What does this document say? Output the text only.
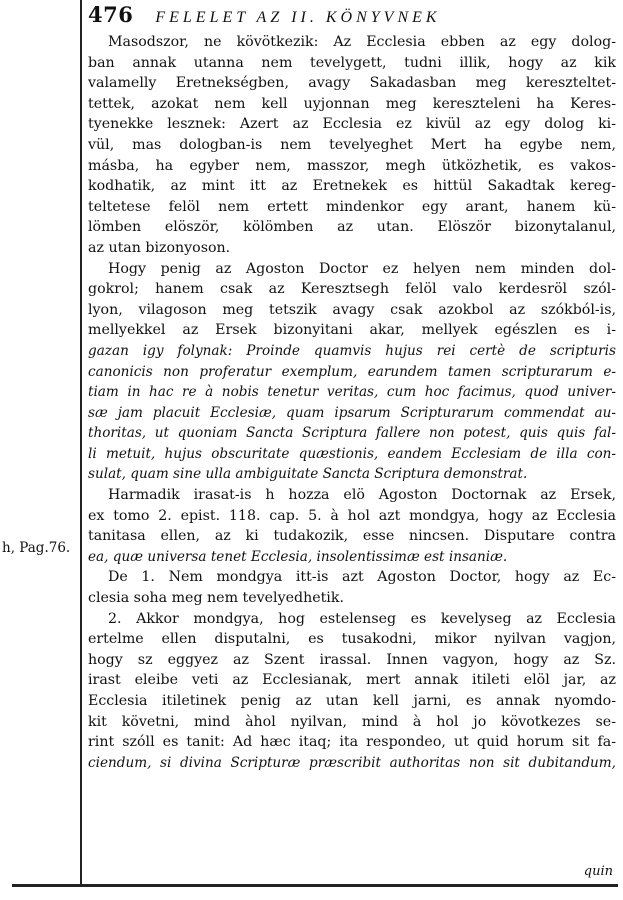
476 FELELET AZ II. KÖNYVNEK
h, Pag.76.
Masodszor, ne kövötkezik: Az Ecclesia ebben az egy dolog-
ban annak utanna nem tevelygett, tudni illik, hogy az kik
valamelly Eretnekségben, avagy Sakadasban meg kereszteltet-
tettek, azokat nem kell uyjonnan meg kereszteleni ha Keres-
tyenekke lesznek: Azert az Ecclesia ez kivül az egy dolog ki-
vül, mas dologban-is nem tevelyeghet Mert ha egybe nem,
másba, ha egyber nem, masszor, megh ütközhetik, es vakos-
kodhatik, az mint itt az Eretnekek es hittül Sakadtak kereg-
teltetese felöl nem ertett mindenkor egy arant, hanem kü-
lömben elöször, kölömben az utan. Elöször bizonytalanul,
az utan bizonyoson.
Hogy penig az Agoston Doctor ez helyen nem minden dol-
gokrol; hanem csak az Keresztsegh felöl valo kerdesröl szól-
lyon, vilagoson meg tetszik avagy csak azokbol az szókból-is,
mellyekkel az Ersek bizonyitani akar, mellyek egészlen es i-
gazan igy folynak: Proinde quamvis hujus rei certè de scripturis
canonicis non proferatur exemplum, earundem tamen scripturarum e-
tiam in hac re à nobis tenetur veritas, cum hoc facimus, quod univer-
sæ jam placuit Ecclesiæ, quam ipsarum Scripturarum commendat au-
thoritas, ut quoniam Sancta Scriptura fallere non potest, quis quis fal-
li metuit, hujus obscuritate quæstionis, eandem Ecclesiam de illa con-
sulat, quam sine ulla ambiguitate Sancta Scriptura demonstrat.
Harmadik irasat-is h hozza elö Agoston Doctornak az Ersek,
ex tomo 2. epist. 118. cap. 5. à hol azt mondgya, hogy az Ecclesia
tanitasa ellen, az ki tudakozik, esse nincsen. Disputare contra
ea, quæ universa tenet Ecclesia, insolentissimæ est insaniæ.
De 1. Nem mondgya itt-is azt Agoston Doctor, hogy az Ec-
clesia soha meg nem tevelyedhetik.
2. Akkor mondgya, hog estelenseg es kevelyseg az Ecclesia
ertelme ellen disputalni, es tusakodni, mikor nyilvan vagjon,
hogy sz eggyez az Szent irassal. Innen vagyon, hogy az Sz.
irast eleibe veti az Ecclesianak, mert annak itileti elöl jar, az
Ecclesia itiletinek penig az utan kell jarni, es annak nyomdo-
kit követni, mind àhol nyilvan, mind à hol jo kövotkezes se-
rint szóll es tanit: Ad hæc itaq; ita respondeo, ut quid horum sit fa-
ciendum, si divina Scripturæ præscribit authoritas non sit dubitandum,
quin
